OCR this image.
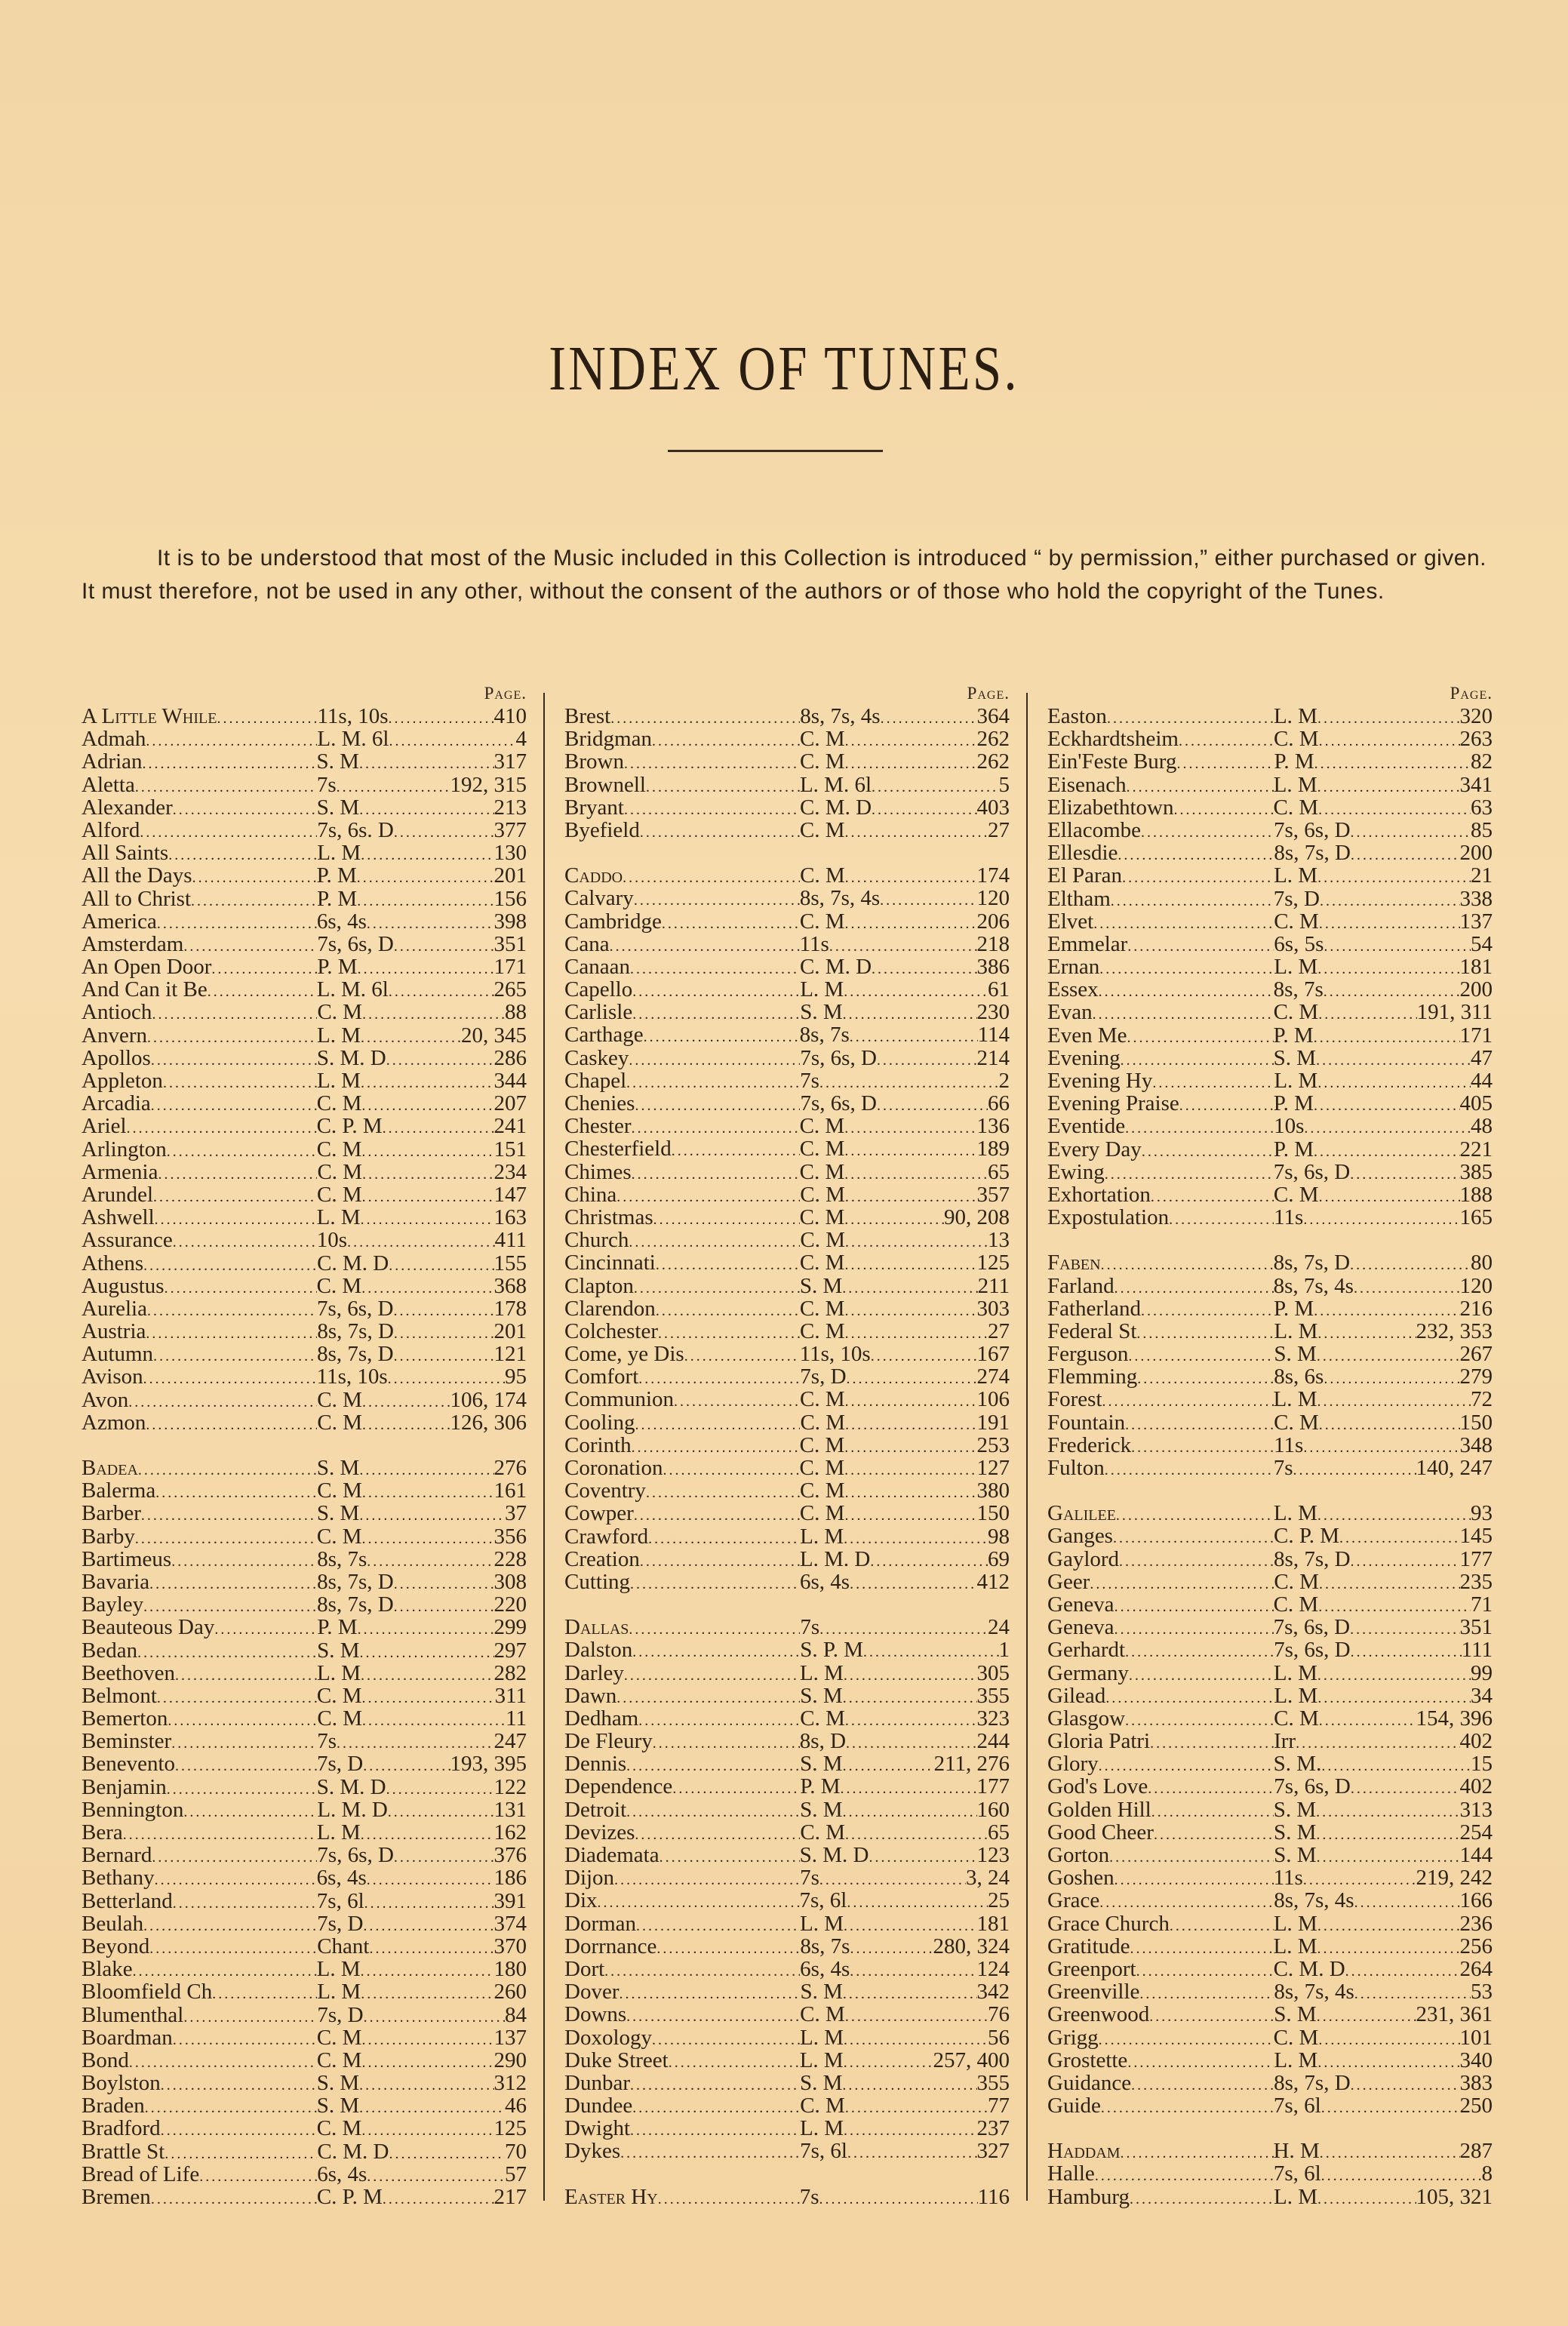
INDEX OF TUNES.

It is to be understood that most of the Music included in this Collection is introduced “ by permission,” either purchased or given. It must therefore, not be used in any other, without the consent of the authors or of those who hold the copyright of the Tunes.

Page.
A Little While .....	11s, 10s .....	410
Admah .....	L. M. 6l .....	4
Adrian .....	S. M .....	317
Aletta .....	7s .....	192, 315
Alexander .....	S. M .....	213
Alford .....	7s, 6s. D .....	377
All Saints .....	L. M .....	130
All the Days .....	P. M .....	201
All to Christ .....	P. M .....	156
America .....	6s, 4s .....	398
Amsterdam .....	7s, 6s, D .....	351
An Open Door .....	P. M .....	171
And Can it Be .....	L. M. 6l .....	265
Antioch .....	C. M .....	88
Anvern .....	L. M .....	20, 345
Apollos .....	S. M. D .....	286
Appleton .....	L. M .....	344
Arcadia .....	C. M .....	207
Ariel .....	C. P. M .....	241
Arlington .....	C. M .....	151
Armenia .....	C. M .....	234
Arundel .....	C. M .....	147
Ashwell .....	L. M .....	163
Assurance .....	10s .....	411
Athens .....	C. M. D .....	155
Augustus .....	C. M .....	368
Aurelia .....	7s, 6s, D .....	178
Austria .....	8s, 7s, D .....	201
Autumn .....	8s, 7s, D .....	121
Avison .....	11s, 10s .....	95
Avon .....	C. M .....	106, 174
Azmon .....	C. M .....	126, 306
Badea .....	S. M .....	276
Balerma .....	C. M .....	161
Barber .....	S. M .....	37
Barby .....	C. M .....	356
Bartimeus .....	8s, 7s .....	228
Bavaria .....	8s, 7s, D .....	308
Bayley .....	8s, 7s, D .....	220
Beauteous Day .....	P. M .....	299
Bedan .....	S. M .....	297
Beethoven .....	L. M .....	282
Belmont .....	C. M .....	311
Bemerton .....	C. M .....	11
Beminster .....	7s .....	247
Benevento .....	7s, D .....	193, 395
Benjamin .....	S. M. D .....	122
Bennington .....	L. M. D .....	131
Bera .....	L. M .....	162
Bernard .....	7s, 6s, D .....	376
Bethany .....	6s, 4s .....	186
Betterland .....	7s, 6l .....	391
Beulah .....	7s, D .....	374
Beyond .....	Chant .....	370
Blake .....	L. M .....	180
Bloomfield Ch .....	L. M .....	260
Blumenthal .....	7s, D .....	84
Boardman .....	C. M .....	137
Bond .....	C. M .....	290
Boylston .....	S. M .....	312
Braden .....	S. M .....	46
Bradford .....	C. M .....	125
Brattle St .....	C. M. D .....	70
Bread of Life .....	6s, 4s .....	57
Bremen .....	C. P. M .....	217
Page.
Brest .....	8s, 7s, 4s .....	364
Bridgman .....	C. M .....	262
Brown .....	C. M .....	262
Brownell .....	L. M. 6l .....	5
Bryant .....	C. M. D .....	403
Byefield .....	C. M .....	27
Caddo .....	C. M .....	174
Calvary .....	8s, 7s, 4s .....	120
Cambridge .....	C. M .....	206
Cana .....	11s .....	218
Canaan .....	C. M. D .....	386
Capello .....	L. M .....	61
Carlisle .....	S. M .....	230
Carthage .....	8s, 7s .....	114
Caskey .....	7s, 6s, D .....	214
Chapel .....	7s .....	2
Chenies .....	7s, 6s, D .....	66
Chester .....	C. M .....	136
Chesterfield .....	C. M .....	189
Chimes .....	C. M .....	65
China .....	C. M .....	357
Christmas .....	C. M .....	90, 208
Church .....	C. M .....	13
Cincinnati .....	C. M .....	125
Clapton .....	S. M .....	211
Clarendon .....	C. M .....	303
Colchester .....	C. M .....	27
Come, ye Dis .....	11s, 10s .....	167
Comfort .....	7s, D .....	274
Communion .....	C. M .....	106
Cooling .....	C. M .....	191
Corinth .....	C. M .....	253
Coronation .....	C. M .....	127
Coventry .....	C. M .....	380
Cowper .....	C. M .....	150
Crawford .....	L. M .....	98
Creation .....	L. M. D .....	69
Cutting .....	6s, 4s .....	412
Dallas .....	7s .....	24
Dalston .....	S. P. M .....	1
Darley .....	L. M .....	305
Dawn .....	S. M .....	355
Dedham .....	C. M .....	323
De Fleury .....	8s, D .....	244
Dennis .....	S. M .....	211, 276
Dependence .....	P. M .....	177
Detroit .....	S. M .....	160
Devizes .....	C. M .....	65
Diademata .....	S. M. D .....	123
Dijon .....	7s .....	3, 24
Dix .....	7s, 6l .....	25
Dorman .....	L. M .....	181
Dorrnance .....	8s, 7s .....	280, 324
Dort .....	6s, 4s .....	124
Dover .....	S. M .....	342
Downs .....	C. M .....	76
Doxology .....	L. M .....	56
Duke Street .....	L. M .....	257, 400
Dunbar .....	S. M .....	355
Dundee .....	C. M .....	77
Dwight .....	L. M .....	237
Dykes .....	7s, 6l .....	327
Easter Hy .....	7s .....	116
Page.
Easton .....	L. M .....	320
Eckhardtsheim .....	C. M .....	263
Ein'Feste Burg .....	P. M .....	82
Eisenach .....	L. M .....	341
Elizabethtown .....	C. M .....	63
Ellacombe .....	7s, 6s, D .....	85
Ellesdie .....	8s, 7s, D .....	200
El Paran .....	L. M .....	21
Eltham .....	7s, D .....	338
Elvet .....	C. M .....	137
Emmelar .....	6s, 5s .....	54
Ernan .....	L. M .....	181
Essex .....	8s, 7s .....	200
Evan .....	C. M .....	191, 311
Even Me .....	P. M .....	171
Evening .....	S. M .....	47
Evening Hy .....	L. M .....	44
Evening Praise .....	P. M .....	405
Eventide .....	10s .....	48
Every Day .....	P. M .....	221
Ewing .....	7s, 6s, D .....	385
Exhortation .....	C. M .....	188
Expostulation .....	11s .....	165
Faben .....	8s, 7s, D .....	80
Farland .....	8s, 7s, 4s .....	120
Fatherland .....	P. M .....	216
Federal St .....	L. M .....	232, 353
Ferguson .....	S. M .....	267
Flemming .....	8s, 6s .....	279
Forest .....	L. M .....	72
Fountain .....	C. M .....	150
Frederick .....	11s .....	348
Fulton .....	7s .....	140, 247
Galilee .....	L. M .....	93
Ganges .....	C. P. M .....	145
Gaylord .....	8s, 7s, D .....	177
Geer .....	C. M .....	235
Geneva .....	C. M .....	71
Geneva .....	7s, 6s, D .....	351
Gerhardt .....	7s, 6s, D .....	111
Germany .....	L. M .....	99
Gilead .....	L. M .....	34
Glasgow .....	C. M .....	154, 396
Gloria Patri .....	Irr .....	402
Glory .....	S. M. .....	15
God's Love .....	7s, 6s, D .....	402
Golden Hill .....	S. M .....	313
Good Cheer .....	S. M .....	254
Gorton .....	S. M .....	144
Goshen .....	11s .....	219, 242
Grace .....	8s, 7s, 4s .....	166
Grace Church .....	L. M .....	236
Gratitude .....	L. M .....	256
Greenport .....	C. M. D .....	264
Greenville .....	8s, 7s, 4s .....	53
Greenwood .....	S. M .....	231, 361
Grigg .....	C. M .....	101
Grostette .....	L. M .....	340
Guidance .....	8s, 7s, D .....	383
Guide .....	7s, 6l .....	250
Haddam .....	H. M .....	287
Halle .....	7s, 6l .....	8
Hamburg .....	L. M .....	105, 321
